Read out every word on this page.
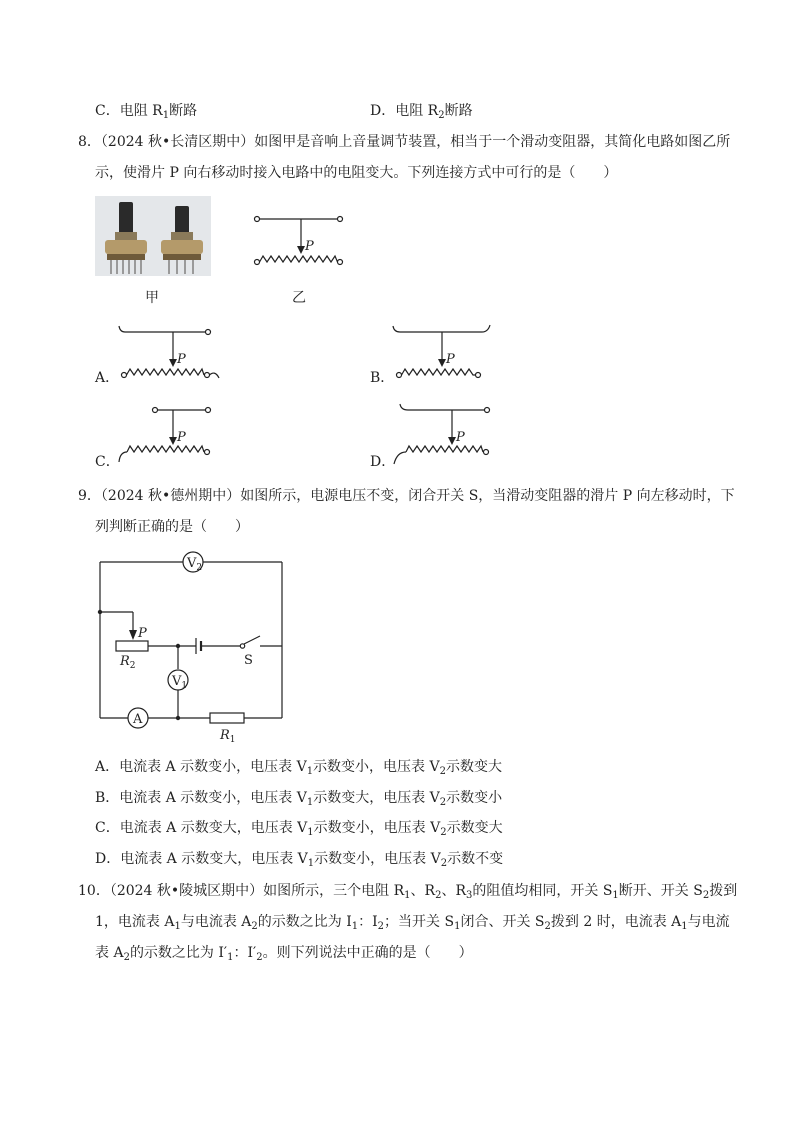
C．电阻 $R_1$断路	D．电阻 $R_2$断路
8．（2024 秋•长清区期中）如图甲是音响上音量调节装置，相当于一个滑动变阻器，其简化电路如图乙所
示，使滑片 P 向右移动时接入电路中的电阻变大。下列连接方式中可行的是（　　）
甲
P
乙
A．
P
B．
P
C．
P
D．
P
9．（2024 秋•德州期中）如图所示，电源电压不变，闭合开关 S，当滑动变阻器的滑片 P 向左移动时，下
列判断正确的是（　　）
$V_2$
$V_1$
A
P
$R_2$
$R_1$
S
A．电流表 A 示数变小，电压表 $V_1$示数变小，电压表 $V_2$示数变大
B．电流表 A 示数变小，电压表 $V_1$示数变大，电压表 $V_2$示数变小
C．电流表 A 示数变大，电压表 $V_1$示数变小，电压表 $V_2$示数变大
D．电流表 A 示数变大，电压表 $V_1$示数变小，电压表 $V_2$示数不变
10．（2024 秋•陵城区期中）如图所示，三个电阻 $R_1$、$R_2$、$R_3$的阻值均相同，开关 $S_1$断开、开关 $S_2$拨到
1，电流表 $A_1$与电流表 $A_2$的示数之比为 $I_1$：$I_2$；当开关 $S_1$闭合、开关 $S_2$拨到 2 时，电流表 $A_1$与电流
表 $A_2$的示数之比为 $I'_1$：$I'_2$。则下列说法中正确的是（　　）
